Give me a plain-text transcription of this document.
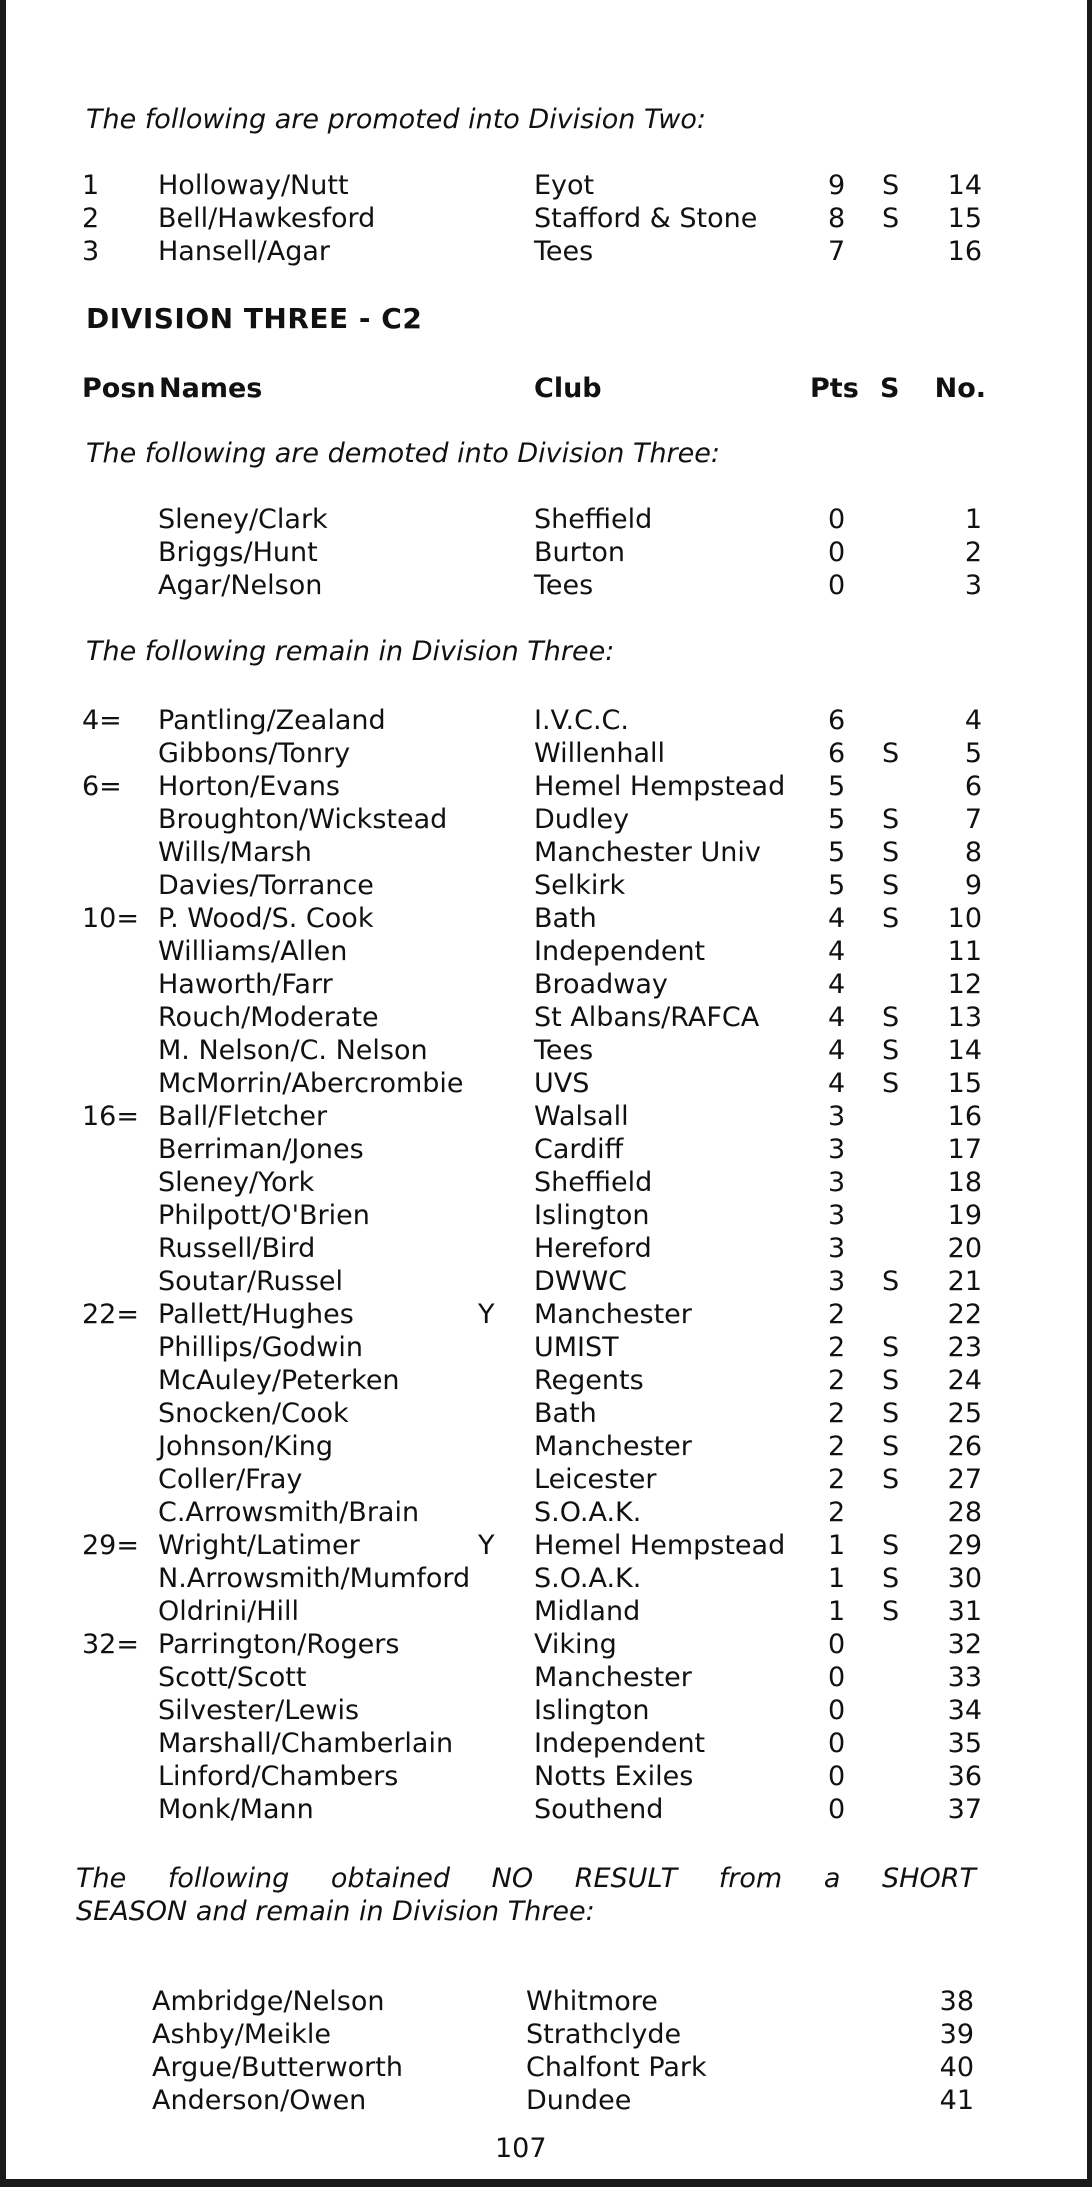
The following are promoted into Division Two:
1 Holloway/Nutt	Eyot	9 S	14
2 Bell/Hawkesford	Stafford & Stone	8 S	15
3 Hansell/Agar	Tees	7	16
DIVISION THREE - C2
Posn Names	Club	Pts S	No.
The following are demoted into Division Three:
Sleney/Clark	Sheffield	0	1
Briggs/Hunt	Burton	0	2
Agar/Nelson	Tees	0	3
The following remain in Division Three:
4= Pantling/Zealand	I.V.C.C.	6	4
Gibbons/Tonry	Willenhall	6 S	5
6= Horton/Evans	Hemel Hempstead 5	6
Broughton/Wickstead	Dudley	5 S	7
Wills/Marsh	Manchester Univ 5 S	8
Davies/Torrance	Selkirk	5 S	9
10= P. Wood/S. Cook	Bath	4 S	10
Williams/Allen	Independent	4	11
Haworth/Farr	Broadway	4	12
Rouch/Moderate	St Albans/RAFCA	4 S	13
M. Nelson/C. Nelson	Tees	4 S	14
McMorrin/Abercrombie	UVS	4 S	15
16= Ball/Fletcher	Walsall	3	16
Berriman/Jones	Cardiff	3	17
Sleney/York	Sheffield	3	18
Philpott/O'Brien	Islington	3	19
Russell/Bird	Hereford	3	20
Soutar/Russel	DWWC	3 S	21
22= Pallett/Hughes	Y Manchester	2	22
Phillips/Godwin	UMIST	2 S	23
McAuley/Peterken	Regents	2 S	24
Snocken/Cook	Bath	2 S	25
Johnson/King	Manchester	2 S	26
Coller/Fray	Leicester	2 S	27
C.Arrowsmith/Brain	S.O.A.K.	2	28
29= Wright/Latimer	Y Hemel Hempstead 1 S	29
N.Arrowsmith/Mumford S.O.A.K.	1 S	30
Oldrini/Hill	Midland	1 S	31
32= Parrington/Rogers	Viking	0	32
Scott/Scott	Manchester	0	33
Silvester/Lewis	Islington	0	34
Marshall/Chamberlain	Independent	0	35
Linford/Chambers	Notts Exiles	0	36
Monk/Mann	Southend	0	37
The following obtained NO RESULT from a SHORT
SEASON and remain in Division Three:
Ambridge/Nelson	Whitmore	38
Ashby/Meikle	Strathclyde	39
Argue/Butterworth	Chalfont Park	40
Anderson/Owen	Dundee	41
107
